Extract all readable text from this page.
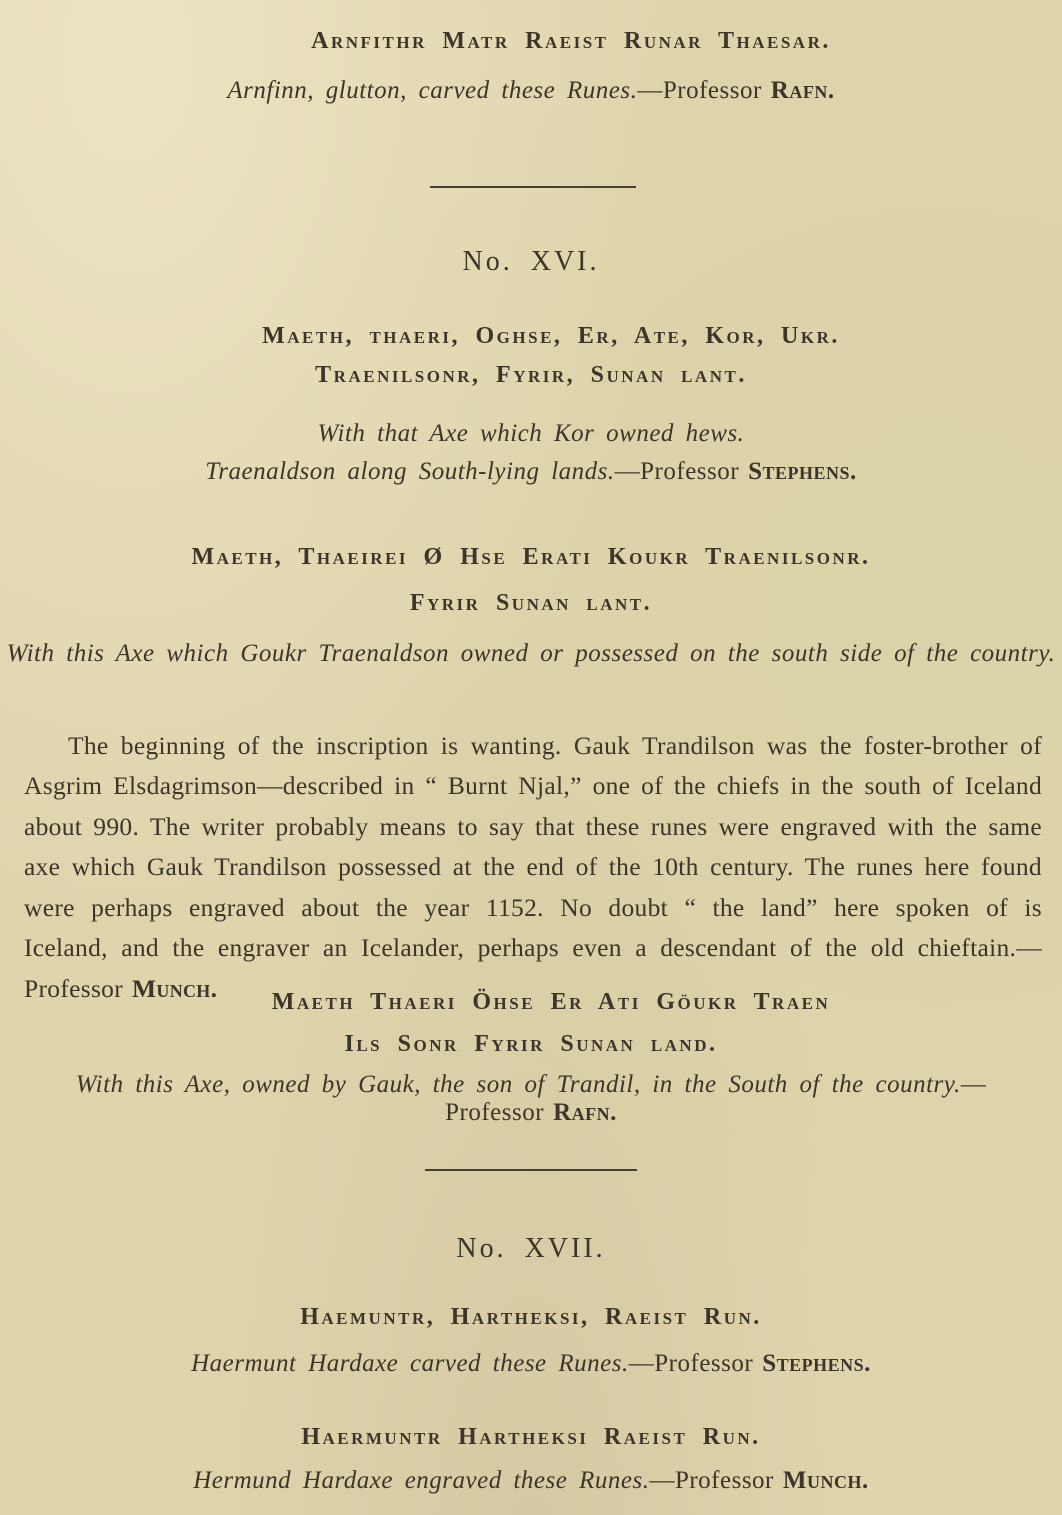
Arnfithr Matr Raeist Runar Thaesar.
Arnfinn, glutton, carved these Runes.—Professor Rafn.
No. XVI.
Maeth, thaeri, Oghse, Er, Ate, Kor, Ukr.
Traenilsonr, Fyrir, Sunan lant.
With that Axe which Kor owned hews.
Traenaldson along South-lying lands.—Professor Stephens.
Maeth, Thaeirei Ø Hse Erati Koukr Traenilsonr.
Fyrir Sunan lant.
With this Axe which Goukr Traenaldson owned or possessed on the south side of the country.

The beginning of the inscription is wanting. Gauk Trandilson was the foster-brother of Asgrim Elsdagrimson—described in “ Burnt Njal,” one of the chiefs in the south of Iceland about 990. The writer probably means to say that these runes were engraved with the same axe which Gauk Trandilson possessed at the end of the 10th century. The runes here found were perhaps engraved about the year 1152. No doubt “ the land” here spoken of is Iceland, and the engraver an Icelander, perhaps even a descendant of the old chieftain.—Professor Munch.	Maeth Thaeri Öhse Er Ati Göukr Traen
Ils Sonr Fyrir Sunan land.
With this Axe, owned by Gauk, the son of Trandil, in the South of the country.—Professor Rafn.
No. XVII.
Haemuntr, Hartheksi, Raeist Run.
Haermunt Hardaxe carved these Runes.—Professor Stephens.
Haermuntr Hartheksi Raeist Run.
Hermund Hardaxe engraved these Runes.—Professor Munch.
